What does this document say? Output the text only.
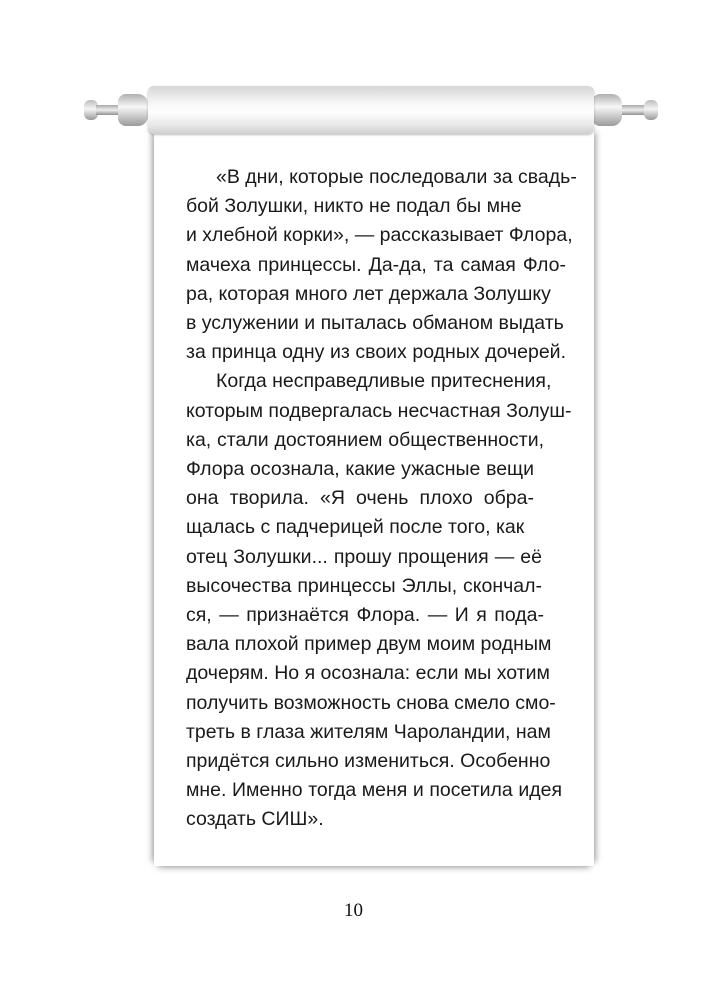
«В дни, которые последовали за свадь-
бой Золушки, никто не подал бы мне
и хлебной корки», — рассказывает Флора,
мачеха принцессы. Да-да, та самая Фло-
ра, которая много лет держала Золушку
в услужении и пыталась обманом выдать
за принца одну из своих родных дочерей.
Когда несправедливые притеснения,
которым подвергалась несчастная Золуш-
ка, стали достоянием общественности,
Флора осознала, какие ужасные вещи
она творила. «Я очень плохо обра-
щалась с падчерицей после того, как
отец Золушки... прошу прощения — её
высочества принцессы Эллы, скончал-
ся, — признаётся Флора. — И я пода-
вала плохой пример двум моим родным
дочерям. Но я осознала: если мы хотим
получить возможность снова смело смо-
треть в глаза жителям Чароландии, нам
придётся сильно измениться. Особенно
мне. Именно тогда меня и посетила идея
создать СИШ».
10
